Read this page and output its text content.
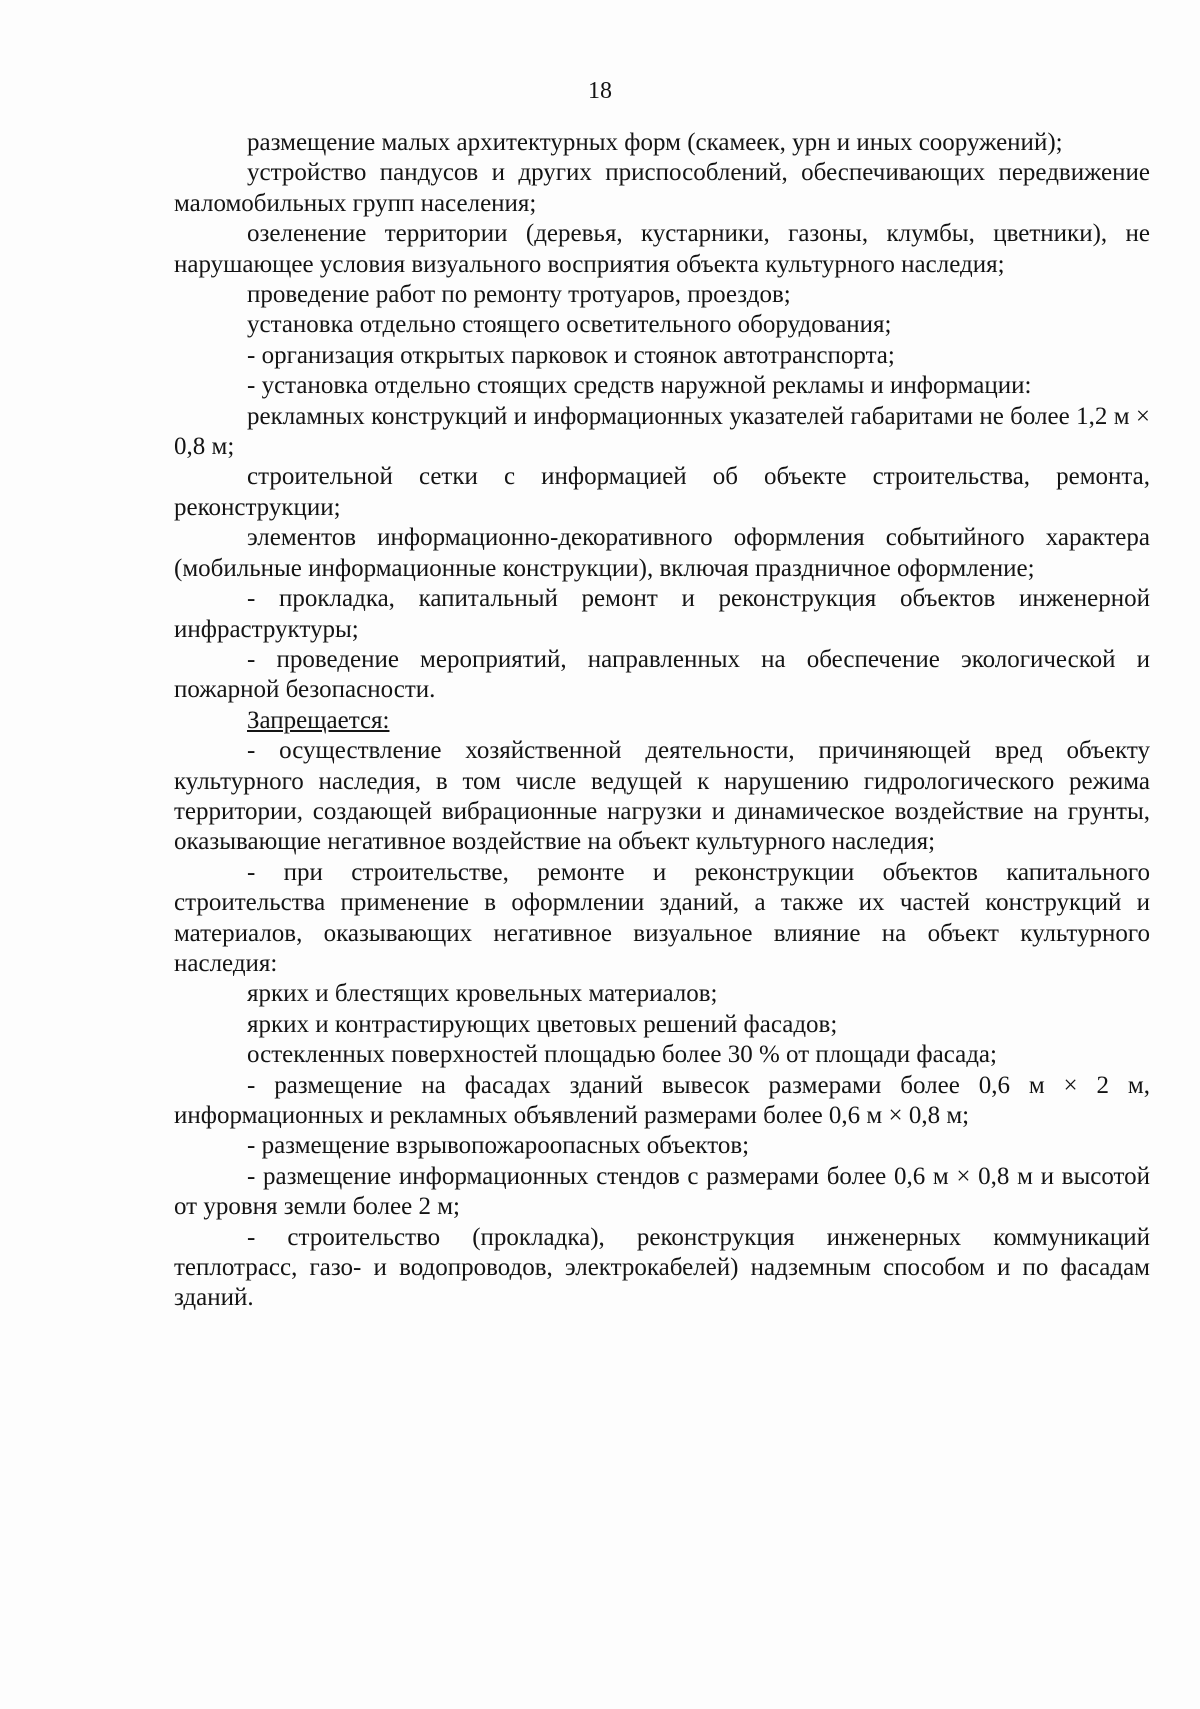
18

размещение малых архитектурных форм (скамеек, урн и иных сооружений);

устройство пандусов и других приспособлений, обеспечивающих передвижение маломобильных групп населения;

озеленение территории (деревья, кустарники, газоны, клумбы, цветники), не нарушающее условия визуального восприятия объекта культурного наследия;

проведение работ по ремонту тротуаров, проездов;

установка отдельно стоящего осветительного оборудования;

- организация открытых парковок и стоянок автотранспорта;

- установка отдельно стоящих средств наружной рекламы и информации:

рекламных конструкций и информационных указателей габаритами не более 1,2 м × 0,8 м;

строительной сетки с информацией об объекте строительства, ремонта, реконструкции;

элементов информационно-декоративного оформления событийного характера (мобильные информационные конструкции), включая праздничное оформление;

- прокладка, капитальный ремонт и реконструкция объектов инженерной инфраструктуры;

- проведение мероприятий, направленных на обеспечение экологической и пожарной безопасности.

Запрещается:

- осуществление хозяйственной деятельности, причиняющей вред объекту культурного наследия, в том числе ведущей к нарушению гидрологического режима территории, создающей вибрационные нагрузки и динамическое воздействие на грунты, оказывающие негативное воздействие на объект культурного наследия;

- при строительстве, ремонте и реконструкции объектов капитального строительства применение в оформлении зданий, а также их частей конструкций и материалов, оказывающих негативное визуальное влияние на объект культурного наследия:

ярких и блестящих кровельных материалов;

ярких и контрастирующих цветовых решений фасадов;

остекленных поверхностей площадью более 30 % от площади фасада;

- размещение на фасадах зданий вывесок размерами более 0,6 м × 2 м, информационных и рекламных объявлений размерами более 0,6 м × 0,8 м;

- размещение взрывопожароопасных объектов;

- размещение информационных стендов с размерами более 0,6 м × 0,8 м и высотой от уровня земли более 2 м;

- строительство (прокладка), реконструкция инженерных коммуникаций теплотрасс, газо- и водопроводов, электрокабелей) надземным способом и по фасадам зданий.
